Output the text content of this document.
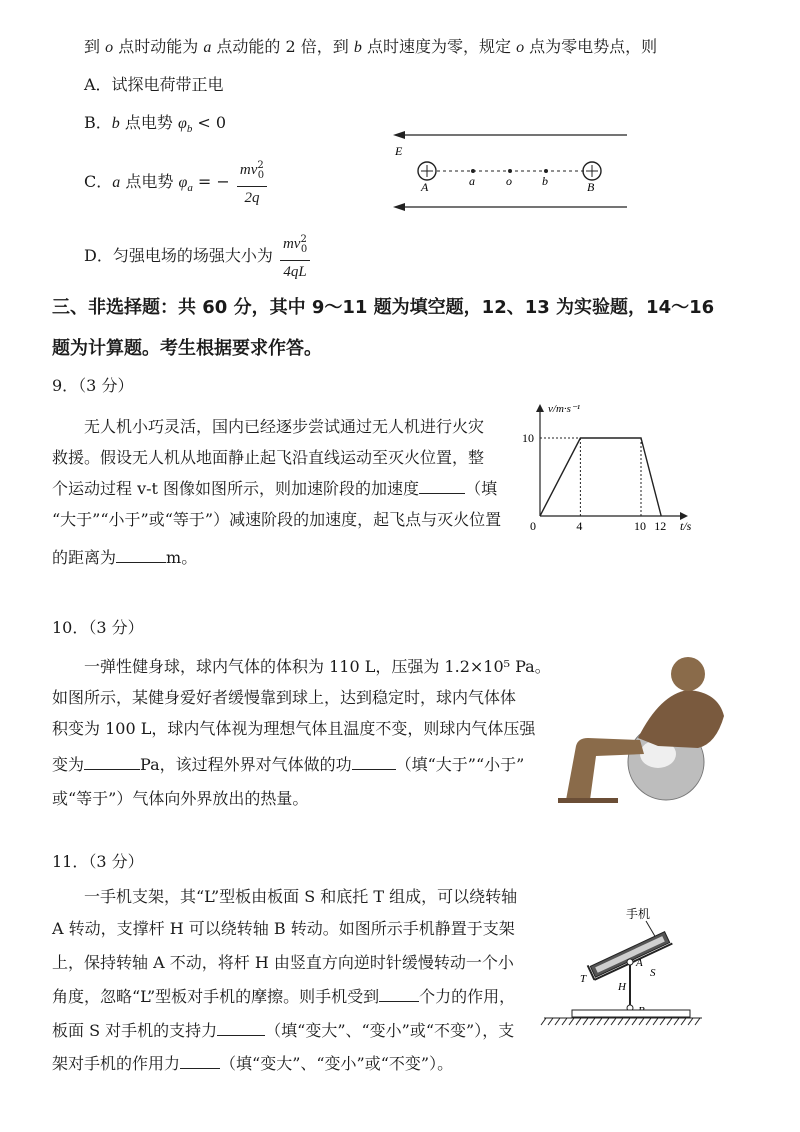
到 o 点时动能为 a 点动能的 2 倍，到 b 点时速度为零，规定 o 点为零电势点，则
A．试探电荷带正电
B．b 点电势 $\varphi_b < 0$
C．a 点电势 $\varphi_a$ = − $\frac{mv^2_0}{2q}$
D．匀强电场的场强大小为 $\frac{mv^2_0}{4qL}$
E
A	a	o	b	B
三、非选择题：共 60 分，其中 9～11 题为填空题，12、13 为实验题，14～16
题为计算题。考生根据要求作答。
9．（3 分）
无人机小巧灵活，国内已经逐步尝试通过无人机进行火灾
救援。假设无人机从地面静止起飞沿直线运动至灭火位置，整
个运动过程 v-t 图像如图所示，则加速阶段的加速度	（填
“大于”“小于”或“等于”）减速阶段的加速度，起飞点与灭火位置
的距离为	m。
v/m·s⁻¹
t/s
0	4	10 12
10
10．（3 分）
一弹性健身球，球内气体的体积为 110 L，压强为 1.2×10⁵ Pa。
如图所示，某健身爱好者缓慢靠到球上，达到稳定时，球内气体体
积变为 100 L，球内气体视为理想气体且温度不变，则球内气体压强
变为	Pa，该过程外界对气体做的功	（填“大于”“小于”
或“等于”）气体向外界放出的热量。
11．（3 分）
一手机支架，其“L”型板由板面 S 和底托 T 组成，可以绕转轴
A 转动，支撑杆 H 可以绕转轴 B 转动。如图所示手机静置于支架
上，保持转轴 A 不动，将杆 H 由竖直方向逆时针缓慢转动一个小
角度，忽略“L”型板对手机的摩擦。则手机受到	个力的作用，
板面 S 对手机的支持力	（填“变大”、“变小”或“不变”），支
架对手机的作用力	（填“变大”、“变小”或“不变”）。
手机
S
T
A
H
